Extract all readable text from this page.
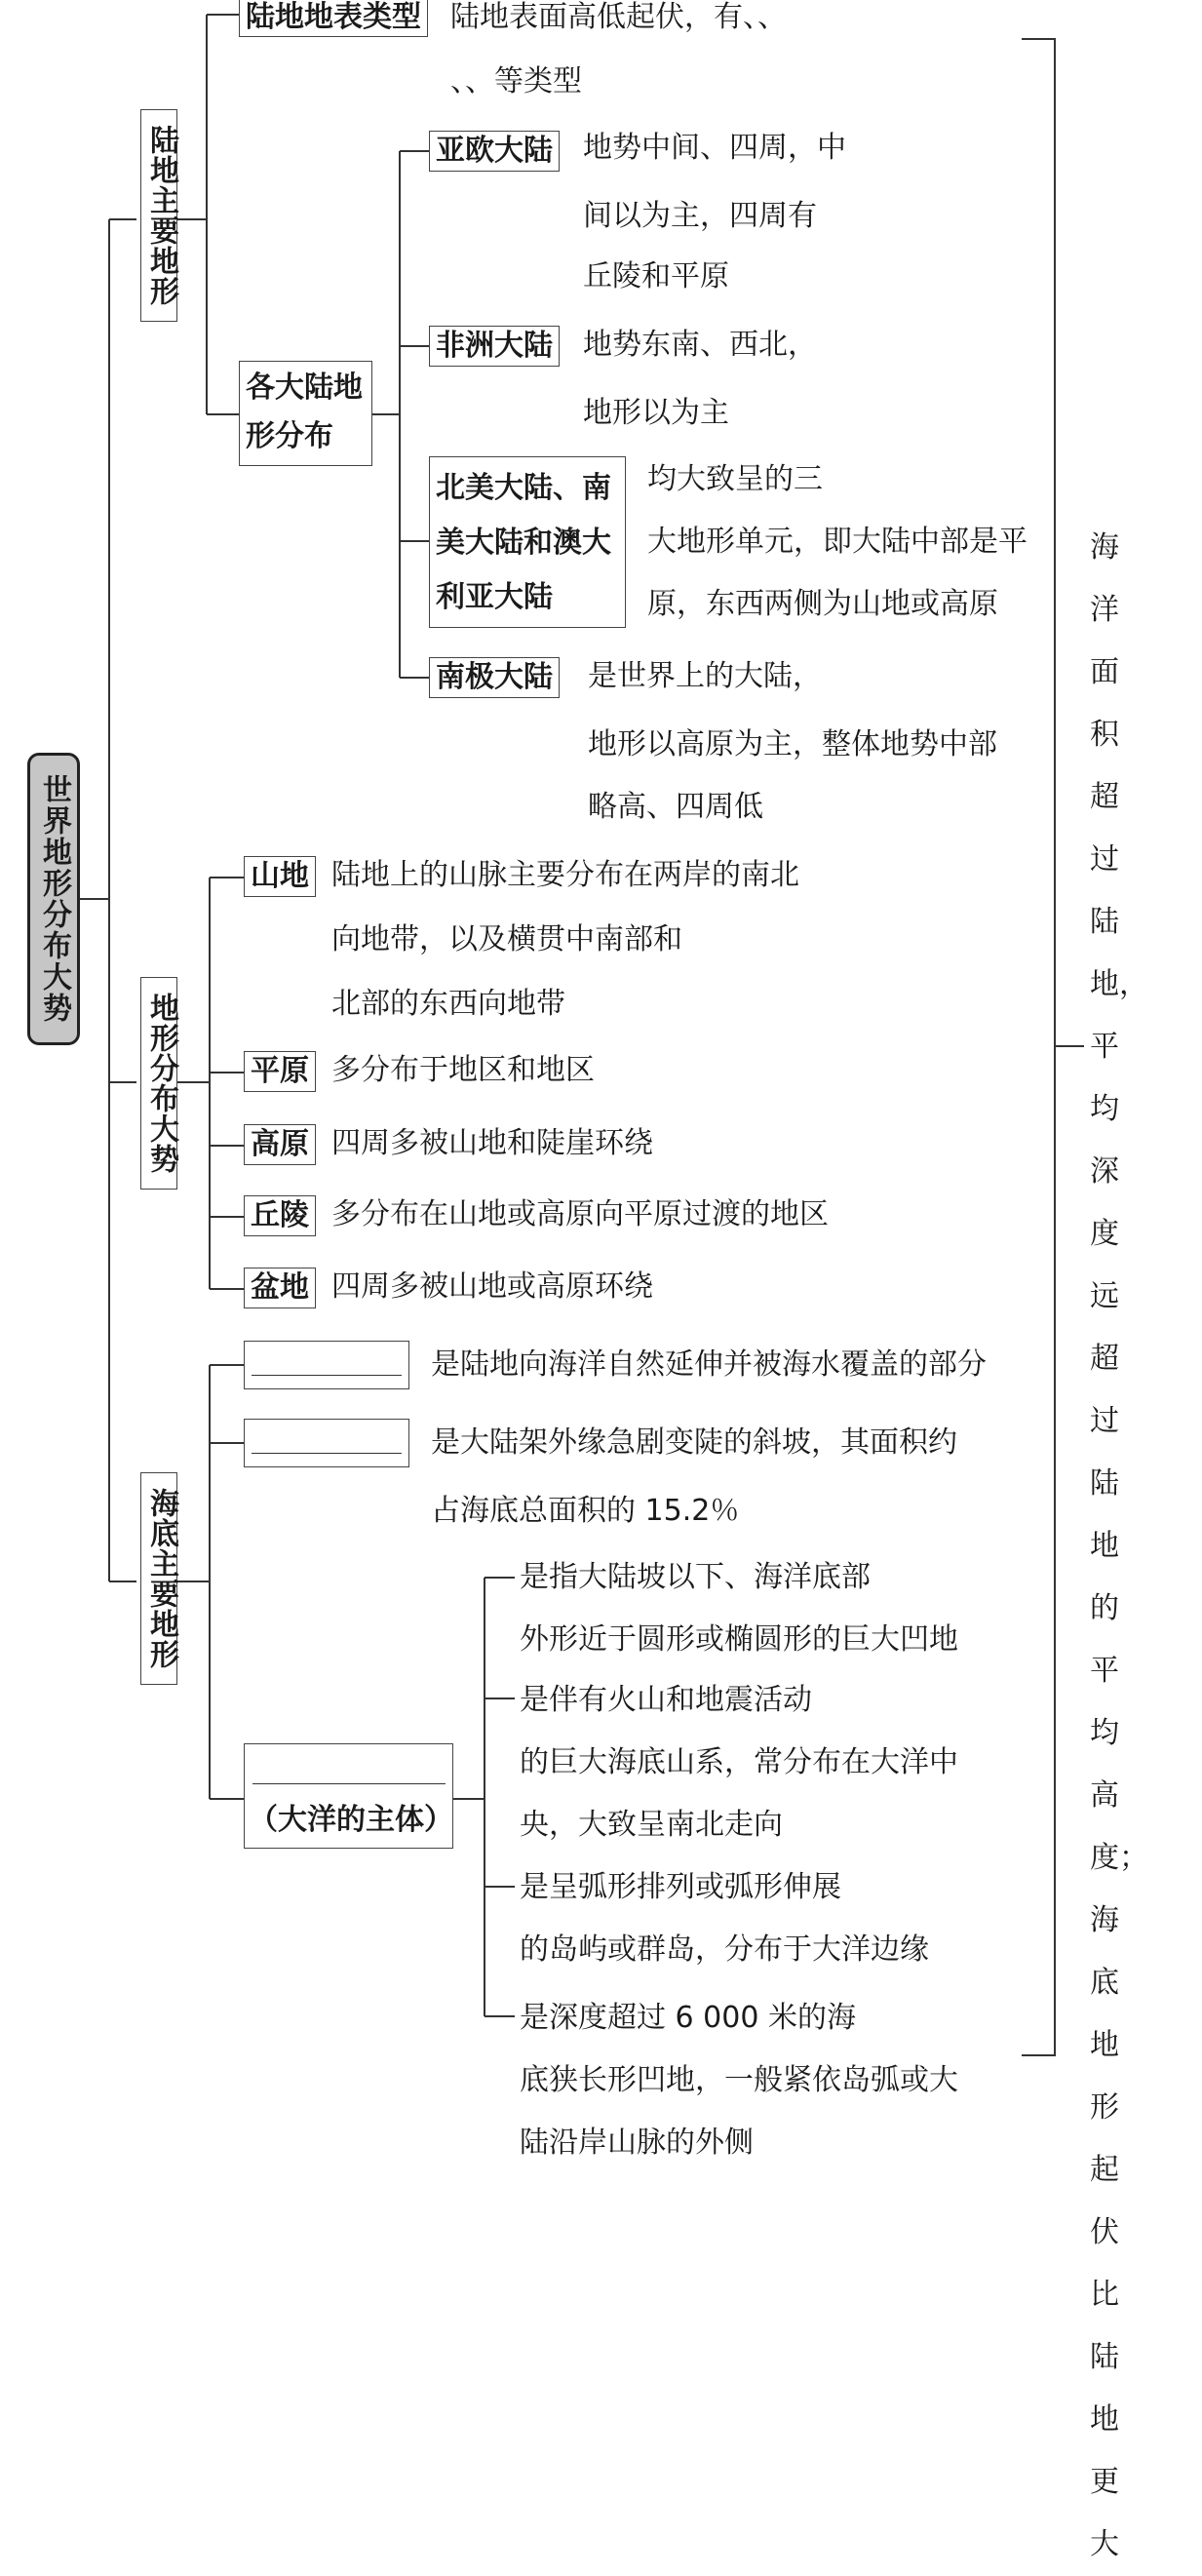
世界地形分布大势
陆地主要地形
地形分布大势
海底主要地形
陆地地表类型 陆地表面高低起伏，有、、
、、等类型
各大陆地形分布
亚欧大陆 地势中间、四周，中
间以为主，四周有
丘陵和平原
非洲大陆 地势东南、西北，
地形以为主
北美大陆、南
美大陆和澳大
利亚大陆
均大致呈的三
大地形单元，即大陆中部是平
原，东西两侧为山地或高原
南极大陆 是世界上的大陆，
地形以高原为主，整体地势中部
略高、四周低
山地 陆地上的山脉主要分布在两岸的南北
向地带，以及横贯中南部和
北部的东西向地带
平原 多分布于地区和地区
高原 四周多被山地和陡崖环绕
丘陵 多分布在山地或高原向平原过渡的地区
盆地 四周多被山地或高原环绕
是陆地向海洋自然延伸并被海水覆盖的部分
是大陆架外缘急剧变陡的斜坡，其面积约
占海底总面积的 15.2％
（大洋的主体）
是指大陆坡以下、海洋底部
外形近于圆形或椭圆形的巨大凹地
是伴有火山和地震活动
的巨大海底山系，常分布在大洋中
央，大致呈南北走向
是呈弧形排列或弧形伸展
的岛屿或群岛，分布于大洋边缘
是深度超过 6 000 米的海
底狭长形凹地，一般紧依岛弧或大
陆沿岸山脉的外侧
海洋面积超过陆地，平均深度远超过陆地的平均高度；海底地形起伏比陆地更大
